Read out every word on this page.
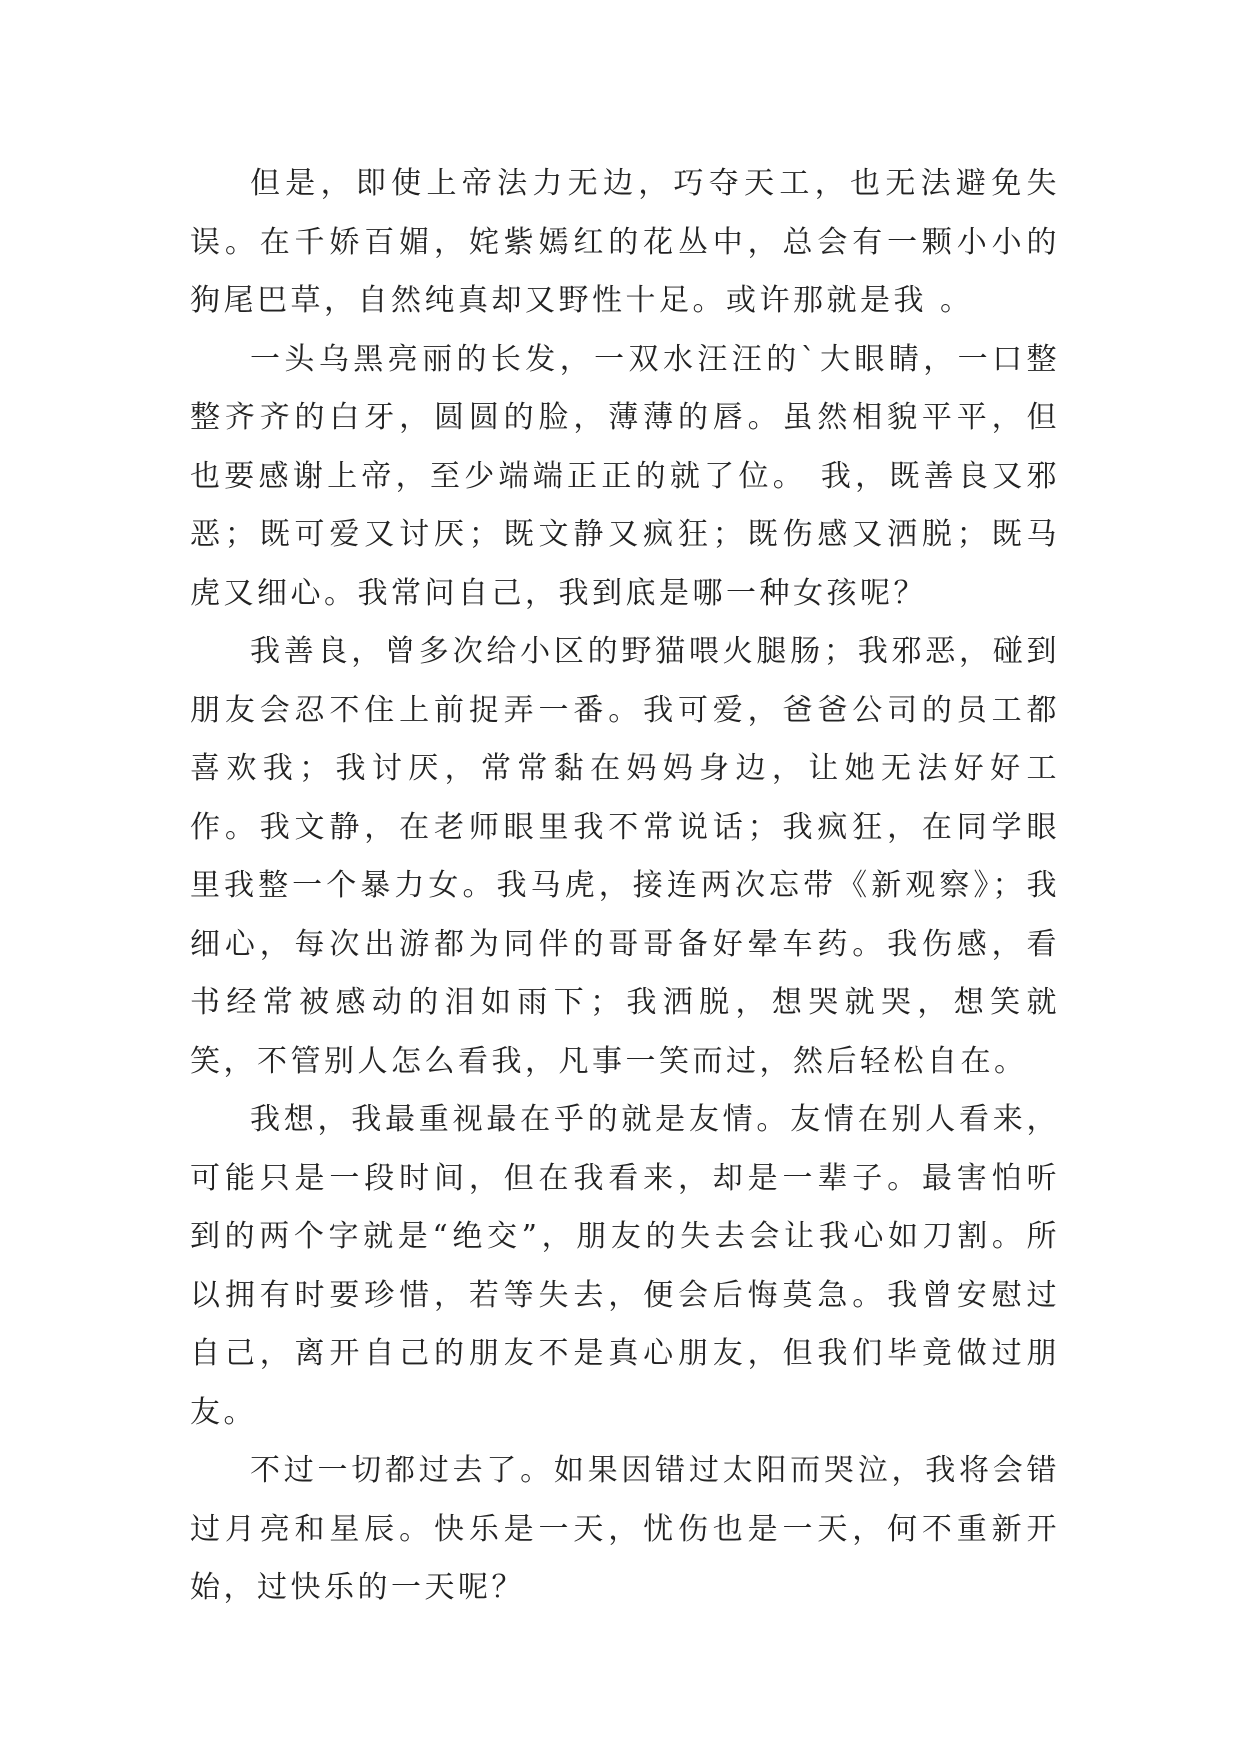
但是，即使上帝法力无边，巧夺天工，也无法避免失误。在千娇百媚，姹紫嫣红的花丛中，总会有一颗小小的狗尾巴草，自然纯真却又野性十足。或许那就是我 。

一头乌黑亮丽的长发，一双水汪汪的`大眼睛，一口整整齐齐的白牙，圆圆的脸，薄薄的唇。虽然相貌平平，但也要感谢上帝，至少端端正正的就了位。 我，既善良又邪恶；既可爱又讨厌；既文静又疯狂；既伤感又洒脱；既马虎又细心。我常问自己，我到底是哪一种女孩呢？

我善良，曾多次给小区的野猫喂火腿肠；我邪恶，碰到朋友会忍不住上前捉弄一番。我可爱，爸爸公司的员工都喜欢我；我讨厌，常常黏在妈妈身边，让她无法好好工作。我文静，在老师眼里我不常说话；我疯狂，在同学眼里我整一个暴力女。我马虎，接连两次忘带《新观察》；我细心，每次出游都为同伴的哥哥备好晕车药。我伤感，看书经常被感动的泪如雨下；我洒脱，想哭就哭，想笑就笑，不管别人怎么看我，凡事一笑而过，然后轻松自在。

我想，我最重视最在乎的就是友情。友情在别人看来，可能只是一段时间，但在我看来，却是一辈子。最害怕听到的两个字就是“绝交”，朋友的失去会让我心如刀割。所以拥有时要珍惜，若等失去，便会后悔莫急。我曾安慰过自己，离开自己的朋友不是真心朋友，但我们毕竟做过朋友。

不过一切都过去了。如果因错过太阳而哭泣，我将会错过月亮和星辰。快乐是一天，忧伤也是一天，何不重新开始，过快乐的一天呢？
